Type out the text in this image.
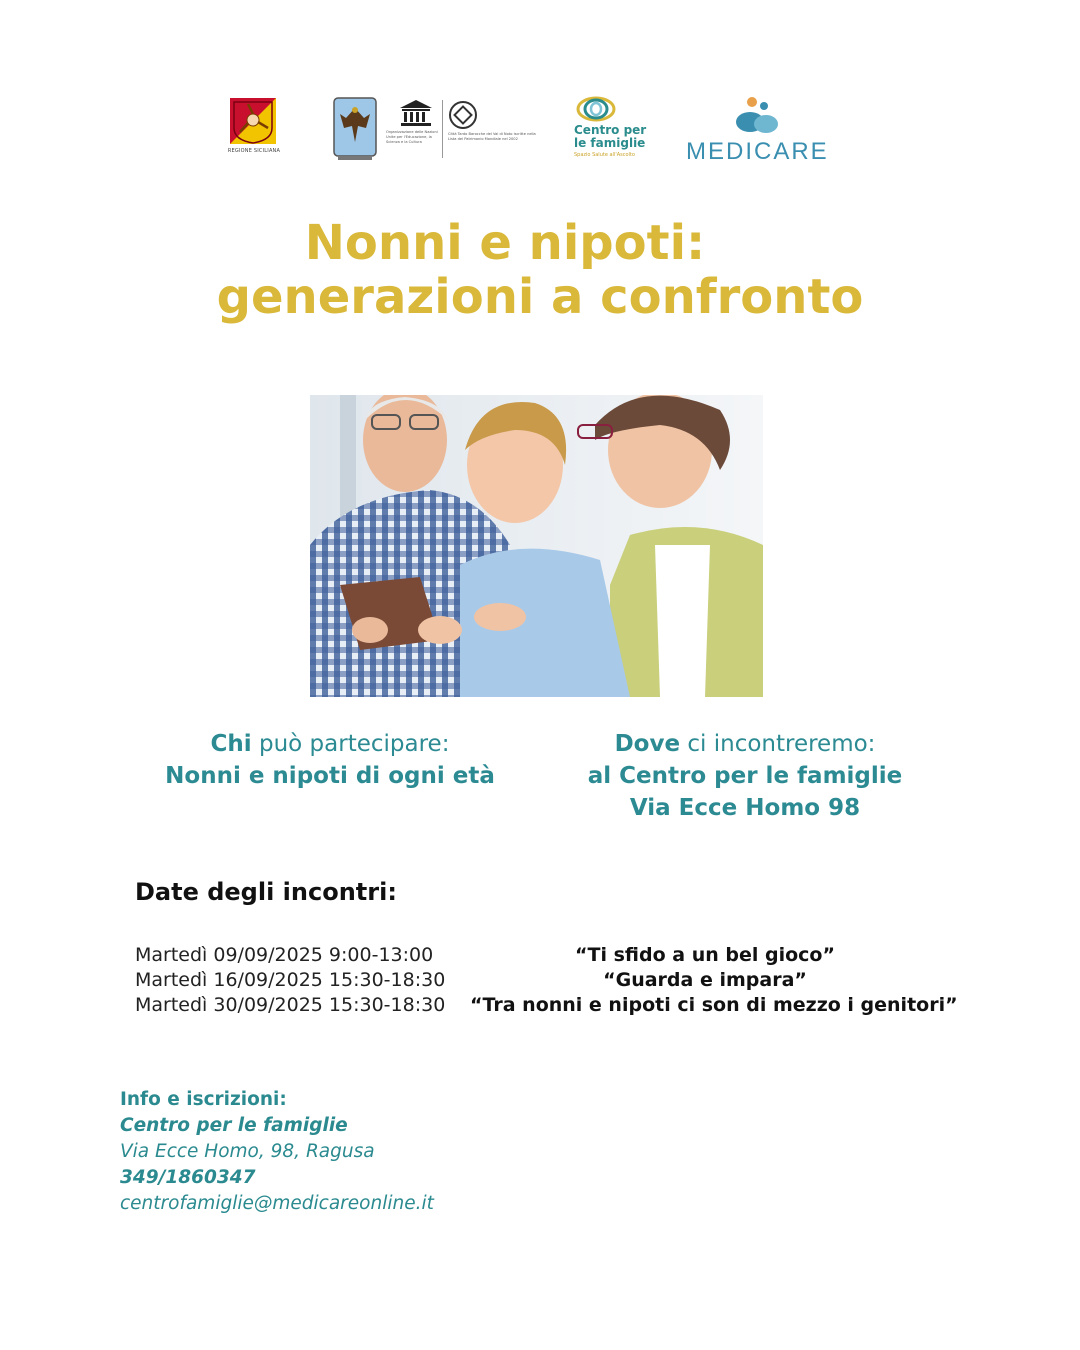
REGIONE SICILIANA
Organizzazione delle Nazioni Unite per l'Educazione, la Scienza e la Cultura
Città Tardo Barocche del Val di Noto iscritte nella Lista del Patrimonio Mondiale nel 2002
Centro per
le famiglie
Spazio Salute all'Ascolto MEDICARE
Nonni e nipoti:
generazioni a confronto
Chi può partecipare:
Nonni e nipoti di ogni età
Dove ci incontreremo:
al Centro per le famiglie
Via Ecce Homo 98
Date degli incontri:
Martedì 09/09/2025 9:00-13:00
Martedì 16/09/2025 15:30-18:30
Martedì 30/09/2025 15:30-18:30
“Ti sfido a un bel gioco”
“Guarda e impara”
“Tra nonni e nipoti ci son di mezzo i genitori”
Info e iscrizioni:
Centro per le famiglie
Via Ecce Homo, 98, Ragusa
349/1860347
centrofamiglie@medicareonline.it
